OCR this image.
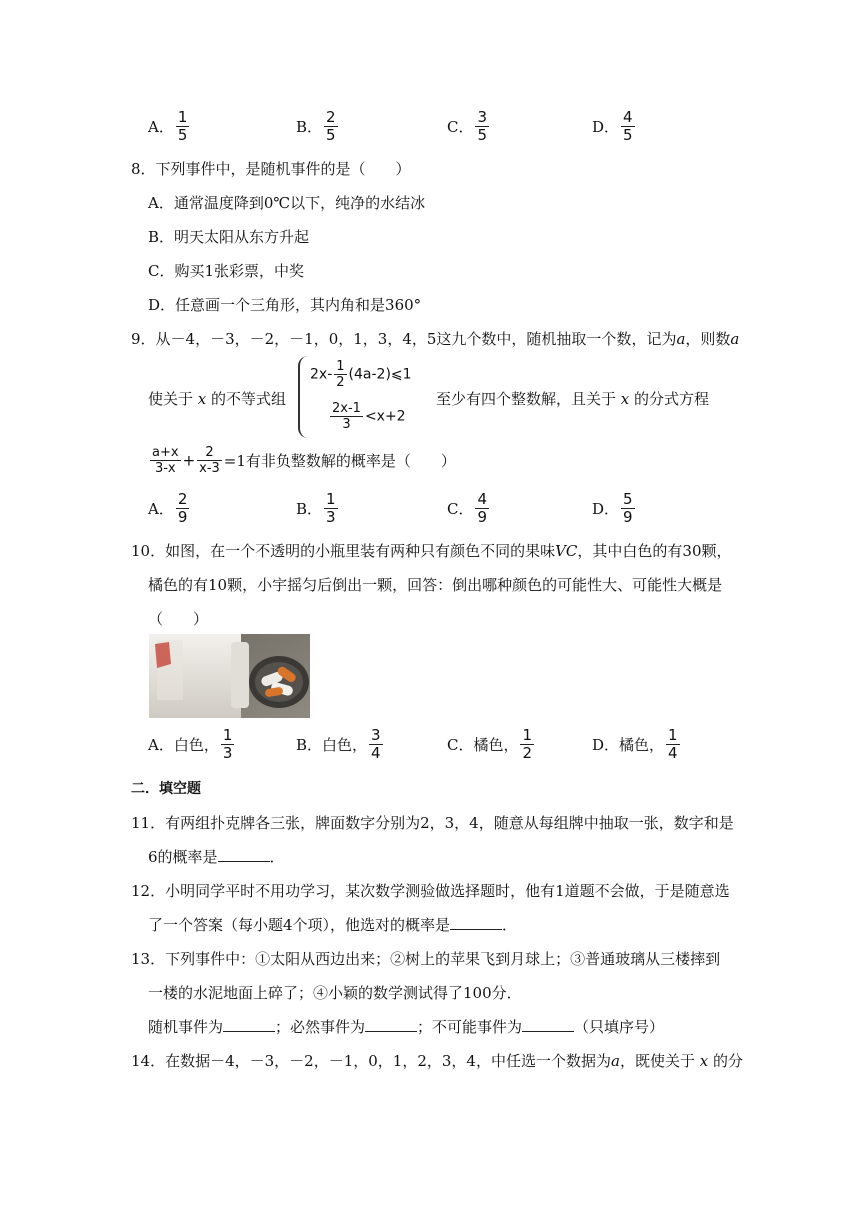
A． $\frac{1}{5}$	B． $\frac{2}{5}$	C． $\frac{3}{5}$	D． $\frac{4}{5}$
8．下列事件中，是随机事件的是（　　）
A．通常温度降到0℃以下，纯净的水结冰
B．明天太阳从东方升起
C．购买1张彩票，中奖
D．任意画一个三角形，其内角和是360°
9．从－4，－3，－2，－1，0，1，3，4，5这九个数中，随机抽取一个数，记为a，则数a
使关于 x 的不等式组
$2x- \frac{1}{2}$ (4a-2)⩽1
$\frac{2x-1}{3} <x+2$
至少有四个整数解，且关于 x 的分式方程
$\frac{a+x}{3-x} + \frac{2}{x-3} =1$有非负整数解的概率是（　　）
A． $\frac{2}{9}$	B． $\frac{1}{3}$	C． $\frac{4}{9}$	D． $\frac{5}{9}$
10．如图，在一个不透明的小瓶里装有两种只有颜色不同的果味VC，其中白色的有30颗，
橘色的有10颗，小宇摇匀后倒出一颗，回答：倒出哪种颜色的可能性大、可能性大概是
（　　）
A．白色， $\frac{1}{3}$	B．白色， $\frac{3}{4}$	C．橘色， $\frac{1}{2}$	D．橘色， $\frac{1}{4}$
二．填空题
11．有两组扑克牌各三张，牌面数字分别为2，3，4，随意从每组牌中抽取一张，数字和是
6的概率是	．
12．小明同学平时不用功学习，某次数学测验做选择题时，他有1道题不会做，于是随意选
了一个答案（每小题4个项），他选对的概率是	．
13．下列事件中：①太阳从西边出来；②树上的苹果飞到月球上；③普通玻璃从三楼摔到
一楼的水泥地面上碎了；④小颖的数学测试得了100分．
随机事件为	；必然事件为	；不可能事件为	（只填序号）
14．在数据－4，－3，－2，－1，0，1，2，3，4，中任选一个数据为a，既使关于 x 的分
